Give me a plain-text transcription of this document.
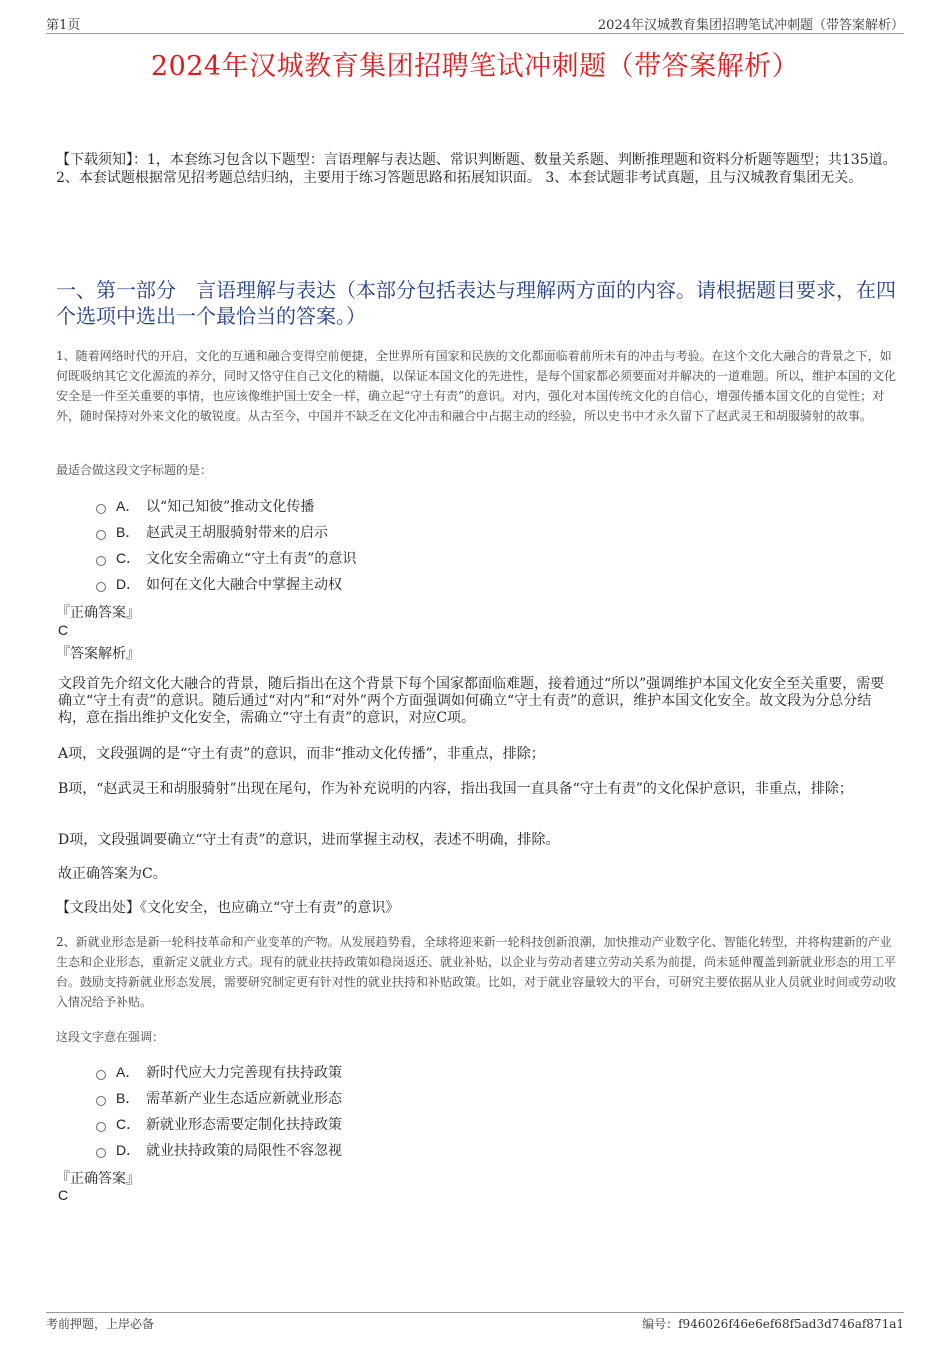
第1页	2024年汉城教育集团招聘笔试冲刺题（带答案解析）
2024年汉城教育集团招聘笔试冲刺题（带答案解析）
【下载须知】：1，本套练习包含以下题型：言语理解与表达题、常识判断题、数量关系题、判断推理题和资料分析题等题型；共135道。 2、本套试题根据常见招考题总结归纳，主要用于练习答题思路和拓展知识面。 3、本套试题非考试真题，且与汉城教育集团无关。
一、第一部分　言语理解与表达（本部分包括表达与理解两方面的内容。请根据题目要求，在四个选项中选出一个最恰当的答案。）
1、随着网络时代的开启，文化的互通和融合变得空前便捷，全世界所有国家和民族的文化都面临着前所未有的冲击与考验。在这个文化大融合的背景之下，如何既吸纳其它文化源流的养分，同时又恪守住自己文化的精髓，以保证本国文化的先进性，是每个国家都必须要面对并解决的一道难题。所以，维护本国的文化安全是一件至关重要的事情，也应该像维护国土安全一样，确立起“守土有责”的意识。对内，强化对本国传统文化的自信心，增强传播本国文化的自觉性；对外，随时保持对外来文化的敏锐度。从古至今，中国并不缺乏在文化冲击和融合中占据主动的经验，所以史书中才永久留下了赵武灵王和胡服骑射的故事。
最适合做这段文字标题的是：
A． 以“知己知彼”推动文化传播
B． 赵武灵王胡服骑射带来的启示
C． 文化安全需确立“守土有责”的意识
D． 如何在文化大融合中掌握主动权
『正确答案』
C
『答案解析』
文段首先介绍文化大融合的背景，随后指出在这个背景下每个国家都面临难题，接着通过“所以”强调维护本国文化安全至关重要，需要确立“守土有责”的意识。随后通过“对内”和“对外”两个方面强调如何确立“守土有责”的意识，维护本国文化安全。故文段为分总分结构，意在指出维护文化安全，需确立“守土有责”的意识，对应C项。
A项，文段强调的是“守土有责”的意识，而非“推动文化传播”，非重点，排除；
B项，“赵武灵王和胡服骑射”出现在尾句，作为补充说明的内容，指出我国一直具备“守土有责”的文化保护意识，非重点，排除；
D项，文段强调要确立“守土有责”的意识，进而掌握主动权，表述不明确，排除。
故正确答案为C。
【文段出处】《文化安全，也应确立“守土有责”的意识》
2、新就业形态是新一轮科技革命和产业变革的产物。从发展趋势看，全球将迎来新一轮科技创新浪潮，加快推动产业数字化、智能化转型，并将构建新的产业生态和企业形态，重新定义就业方式。现有的就业扶持政策如稳岗返还、就业补贴，以企业与劳动者建立劳动关系为前提，尚未延伸覆盖到新就业形态的用工平台。鼓励支持新就业形态发展，需要研究制定更有针对性的就业扶持和补贴政策。比如，对于就业容量较大的平台，可研究主要依据从业人员就业时间或劳动收入情况给予补贴。
这段文字意在强调：
A． 新时代应大力完善现有扶持政策
B． 需革新产业生态适应新就业形态
C． 新就业形态需要定制化扶持政策
D． 就业扶持政策的局限性不容忽视
『正确答案』
C
考前押题，上岸必备	编号：f946026f46e6ef68f5ad3d746af871a1
